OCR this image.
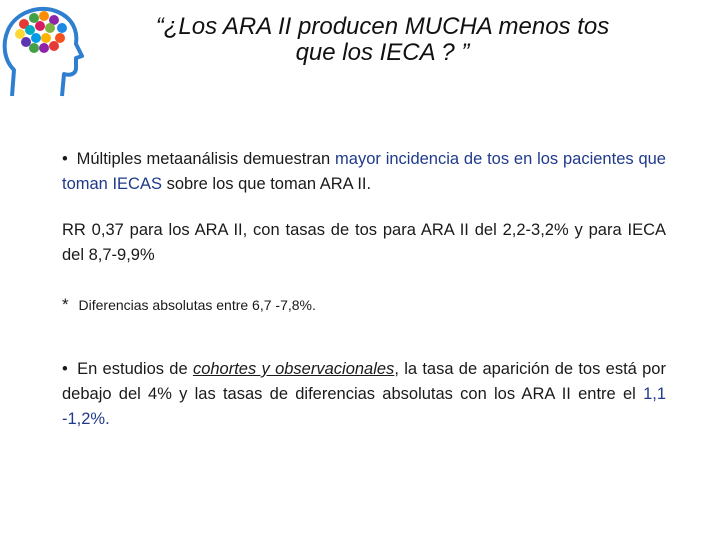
“¿Los ARA II producen MUCHA menos tos
que los IECA ? ”
• Múltiples metaanálisis demuestran mayor incidencia de tos en los pacientes que toman IECAS sobre los que toman ARA II.
RR 0,37 para los ARA II, con tasas de tos para ARA II del 2,2-3,2% y para IECA del 8,7-9,9%
* Diferencias absolutas entre 6,7 -7,8%.
• En estudios de cohortes y observacionales, la tasa de aparición de tos está por debajo del 4% y las tasas de diferencias absolutas con los ARA II entre el 1,1 -1,2%.
